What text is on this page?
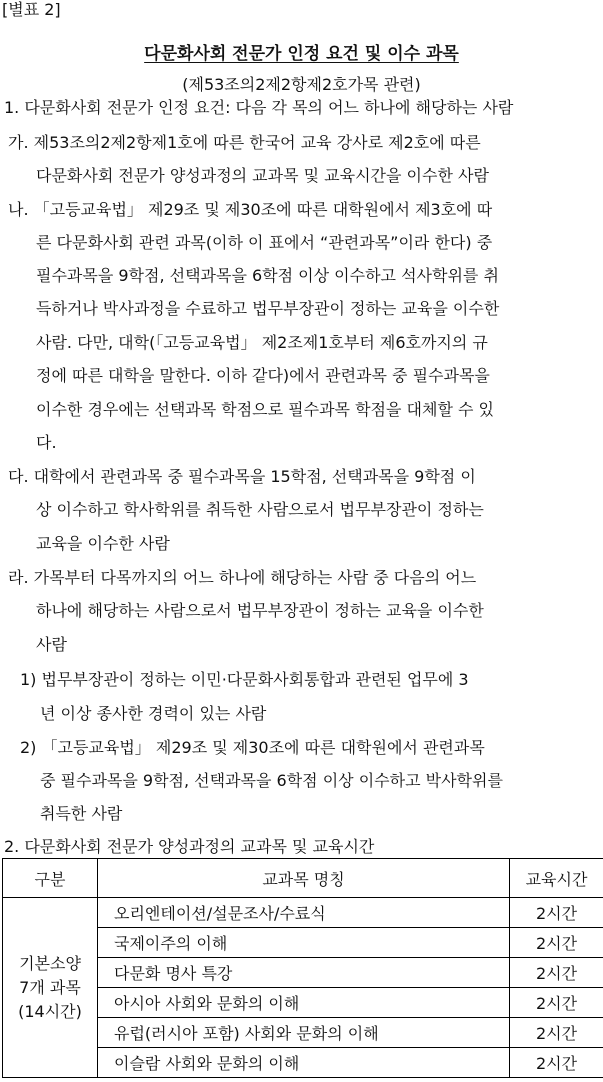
[별표 2]
다문화사회 전문가 인정 요건 및 이수 과목
(제53조의2제2항제2호가목 관련)
1. 다문화사회 전문가 인정 요건: 다음 각 목의 어느 하나에 해당하는 사람
가. 제53조의2제2항제1호에 따른 한국어 교육 강사로 제2호에 따른
다문화사회 전문가 양성과정의 교과목 및 교육시간을 이수한 사람
나. 「고등교육법」 제29조 및 제30조에 따른 대학원에서 제3호에 따
른 다문화사회 관련 과목(이하 이 표에서 “관련과목”이라 한다) 중
필수과목을 9학점, 선택과목을 6학점 이상 이수하고 석사학위를 취
득하거나 박사과정을 수료하고 법무부장관이 정하는 교육을 이수한
사람. 다만, 대학(「고등교육법」 제2조제1호부터 제6호까지의 규
정에 따른 대학을 말한다. 이하 같다)에서 관련과목 중 필수과목을
이수한 경우에는 선택과목 학점으로 필수과목 학점을 대체할 수 있
다.
다. 대학에서 관련과목 중 필수과목을 15학점, 선택과목을 9학점 이
상 이수하고 학사학위를 취득한 사람으로서 법무부장관이 정하는
교육을 이수한 사람
라. 가목부터 다목까지의 어느 하나에 해당하는 사람 중 다음의 어느
하나에 해당하는 사람으로서 법무부장관이 정하는 교육을 이수한
사람
1) 법무부장관이 정하는 이민·다문화사회통합과 관련된 업무에 3
년 이상 종사한 경력이 있는 사람
2) 「고등교육법」 제29조 및 제30조에 따른 대학원에서 관련과목
중 필수과목을 9학점, 선택과목을 6학점 이상 이수하고 박사학위를
취득한 사람
2. 다문화사회 전문가 양성과정의 교과목 및 교육시간
구분	교과목 명칭	교육시간

기본소양
7개 과목
(14시간)	오리엔테이션/설문조사/수료식	2시간
	국제이주의 이해	2시간
	다문화 명사 특강	2시간
	아시아 사회와 문화의 이해	2시간
	유럽(러시아 포함) 사회와 문화의 이해	2시간
	이슬람 사회와 문화의 이해	2시간
